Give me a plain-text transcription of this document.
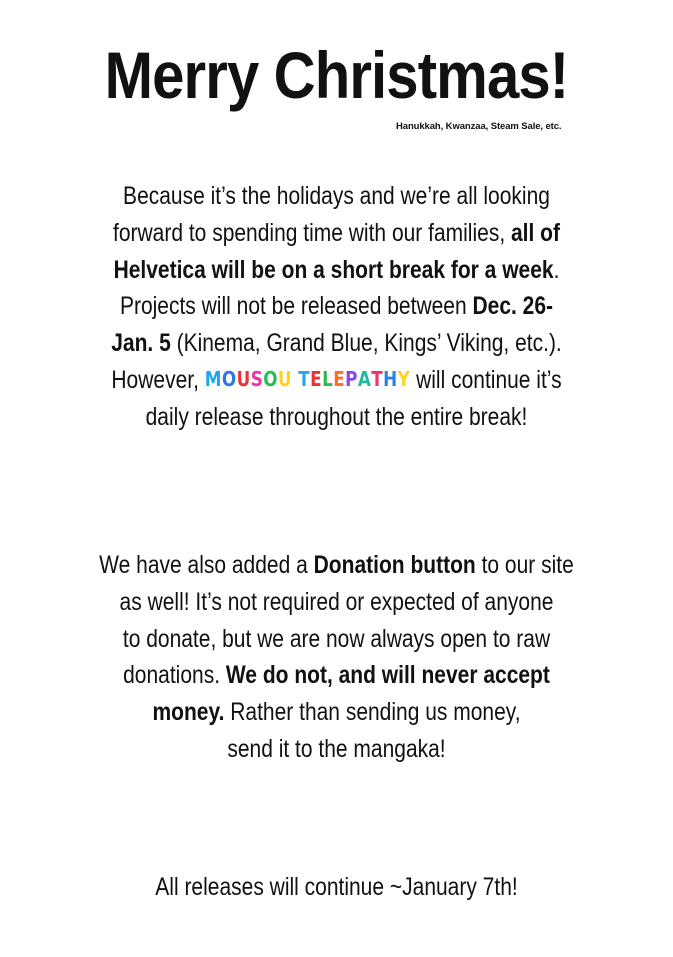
Merry Christmas!
Hanukkah, Kwanzaa, Steam Sale, etc.
Because it’s the holidays and we’re all looking
forward to spending time with our families, all of
Helvetica will be on a short break for a week.
Projects will not be released between Dec. 26-
Jan. 5 (Kinema, Grand Blue, Kings’ Viking, etc.).
However, MOUSOU TELEPATHY will continue it’s
daily release throughout the entire break!
We have also added a Donation button to our site
as well! It’s not required or expected of anyone
to donate, but we are now always open to raw
donations. We do not, and will never accept
money. Rather than sending us money,
send it to the mangaka!
All releases will continue ~January 7th!
